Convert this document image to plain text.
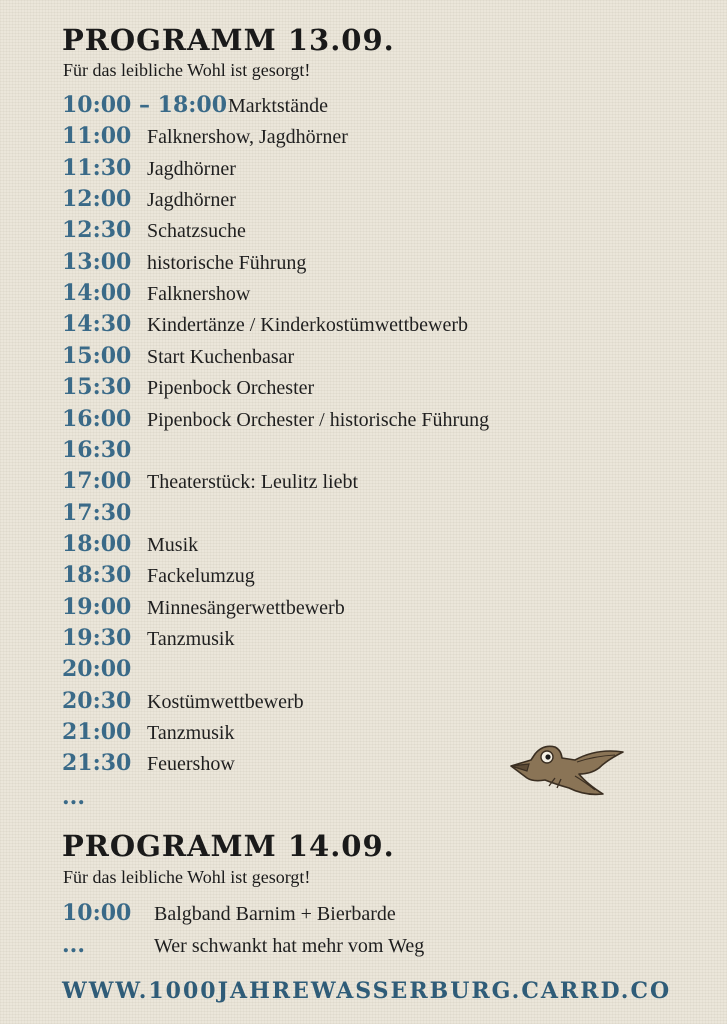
PROGRAMM 13.09.
Für das leibliche Wohl ist gesorgt!
10:00 – 18:00 Marktstände
11:00 Falknershow, Jagdhörner
11:30 Jagdhörner
12:00 Jagdhörner
12:30 Schatzsuche
13:00 historische Führung
14:00 Falknershow
14:30 Kindertänze / Kinderkostümwettbewerb
15:00 Start Kuchenbasar
15:30 Pipenbock Orchester
16:00 Pipenbock Orchester / historische Führung
16:30
17:00 Theaterstück: Leulitz liebt
17:30
18:00 Musik
18:30 Fackelumzug
19:00 Minnesängerwettbewerb
19:30 Tanzmusik
20:00
20:30 Kostümwettbewerb
21:00 Tanzmusik
21:30 Feuershow
...
PROGRAMM 14.09.
Für das leibliche Wohl ist gesorgt!
10:00 Balgband Barnim + Bierbarde
...	Wer schwankt hat mehr vom Weg
WWW.1000JAHREWASSERBURG.CARRD.CO
